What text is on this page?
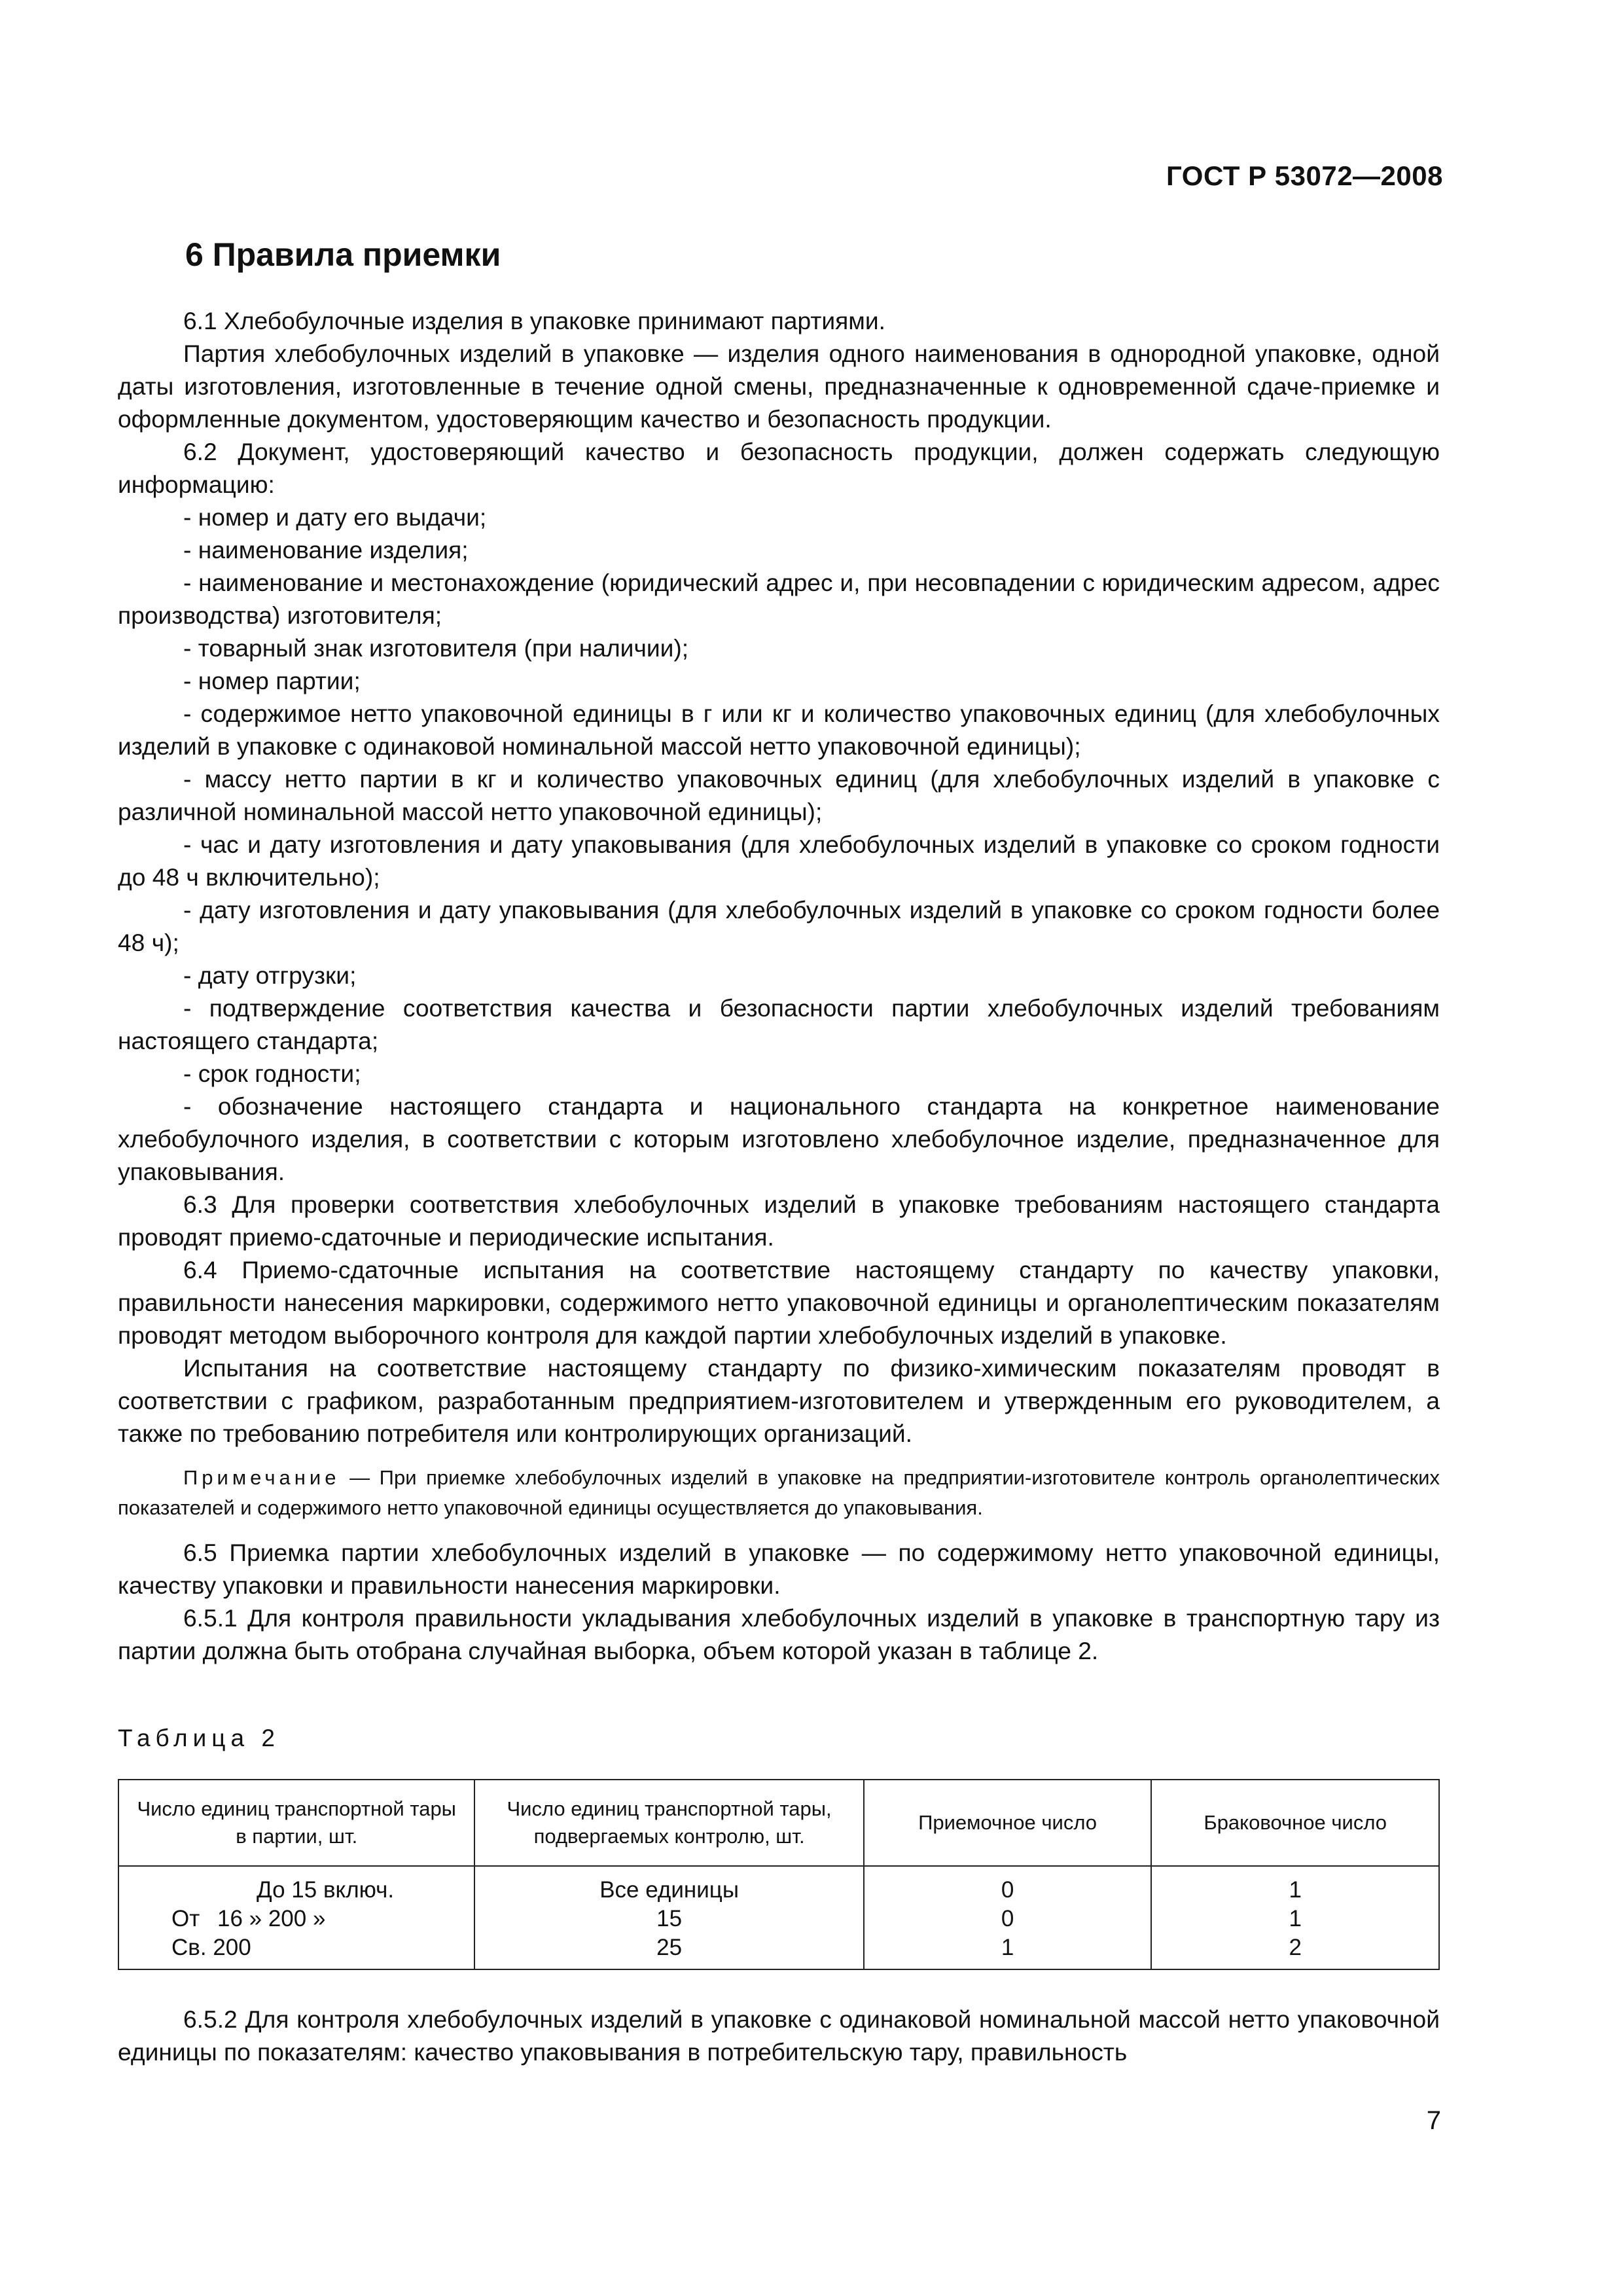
ГОСТ Р 53072—2008
6 Правила приемки

6.1 Хлебобулочные изделия в упаковке принимают партиями.

Партия хлебобулочных изделий в упаковке — изделия одного наименования в однородной упаковке, одной даты изготовления, изготовленные в течение одной смены, предназначенные к одновременной сдаче-приемке и оформленные документом, удостоверяющим качество и безопасность продукции.

6.2 Документ, удостоверяющий качество и безопасность продукции, должен содержать следующую информацию:

- номер и дату его выдачи;

- наименование изделия;

- наименование и местонахождение (юридический адрес и, при несовпадении с юридическим адресом, адрес производства) изготовителя;

- товарный знак изготовителя (при наличии);

- номер партии;

- содержимое нетто упаковочной единицы в г или кг и количество упаковочных единиц (для хлебобулочных изделий в упаковке с одинаковой номинальной массой нетто упаковочной единицы);

- массу нетто партии в кг и количество упаковочных единиц (для хлебобулочных изделий в упаковке с различной номинальной массой нетто упаковочной единицы);

- час и дату изготовления и дату упаковывания (для хлебобулочных изделий в упаковке со сроком годности до 48 ч включительно);

- дату изготовления и дату упаковывания (для хлебобулочных изделий в упаковке со сроком годности более 48 ч);

- дату отгрузки;

- подтверждение соответствия качества и безопасности партии хлебобулочных изделий требованиям настоящего стандарта;

- срок годности;

- обозначение настоящего стандарта и национального стандарта на конкретное наименование хлебобулочного изделия, в соответствии с которым изготовлено хлебобулочное изделие, предназначенное для упаковывания.

6.3 Для проверки соответствия хлебобулочных изделий в упаковке требованиям настоящего стандарта проводят приемо-сдаточные и периодические испытания.

6.4 Приемо-сдаточные испытания на соответствие настоящему стандарту по качеству упаковки, правильности нанесения маркировки, содержимого нетто упаковочной единицы и органолептическим показателям проводят методом выборочного контроля для каждой партии хлебобулочных изделий в упаковке.

Испытания на соответствие настоящему стандарту по физико-химическим показателям проводят в соответствии с графиком, разработанным предприятием-изготовителем и утвержденным его руководителем, а также по требованию потребителя или контролирующих организаций.

Примечание — При приемке хлебобулочных изделий в упаковке на предприятии-изготовителе контроль органолептических показателей и содержимого нетто упаковочной единицы осуществляется до упаковывания.

6.5 Приемка партии хлебобулочных изделий в упаковке — по содержимому нетто упаковочной единицы, качеству упаковки и правильности нанесения маркировки.

6.5.1 Для контроля правильности укладывания хлебобулочных изделий в упаковке в транспортную тару из партии должна быть отобрана случайная выборка, объем которой указан в таблице 2.

Таблица 2
Число единиц транспортной тары в партии, шт.	Число единиц транспортной тары, подвергаемых контролю, шт.	Приемочное число	Браковочное число
До 15 включ.	Все единицы	0	1
От 16 » 200 »	15	0	1
Св. 200	25	1	2

6.5.2 Для контроля хлебобулочных изделий в упаковке с одинаковой номинальной массой нетто упаковочной единицы по показателям: качество упаковывания в потребительскую тару, правильность

7
